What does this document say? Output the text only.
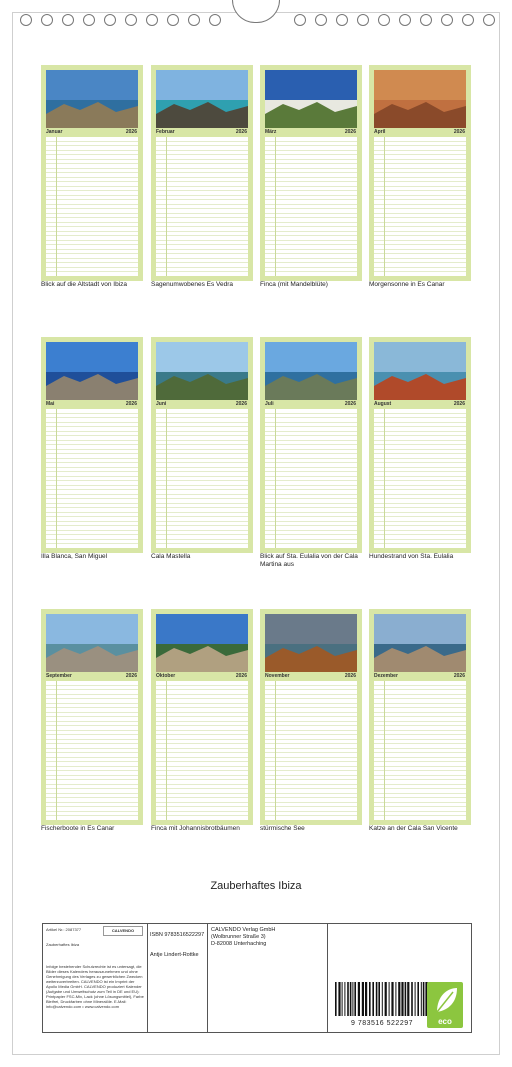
Januar	2026
Blick auf die Altstadt von Ibiza
Februar	2026
Sagenumwobenes Es Vedra
März	2026
Finca (mit Mandelblüte)
April	2026
Morgensonne in Es Canar
Mai	2026
Illa Blanca, San Miguel
Juni	2026
Cala Mastella
Juli	2026
Blick auf Sta. Eulalia von der Cala Martina aus
August	2026
Hundestrand von Sta. Eulalia
September	2026
Fischerboote in Es Canar
Oktober	2026
Finca mit Johannisbrotbäumen
November	2026
stürmische See
Dezember	2026
Katze an der Cala San Vicente
Zauberhaftes Ibiza
Artikel Nr.: 2087377	CALVENDO
Zauberhaftes Ibiza
Infolge bestehender Schutzrechte ist es untersagt, die Bilder dieses Kalenders herauszunehmen und ohne Genehmigung des Verlages zu gewerblichen Zwecken weiterzuverbreiten. CALVENDO ist ein Imprint der Apollo Media GmbH. CALVENDO produziert Kalender (Aufgabe und Umweltschutz zum Teil in DE und EU): Printpapier FSC-Mix, Lack (ohne Lösungsmittel), Farbe Bleifrei, Druckfarben ohne Mineralöle. E-Mail: info@calvendo.com • www.calvendo.com
ISBN 9783516522297
Antje Lindert-Rottke
CALVENDO Verlag GmbH
(Wolbrunner Straße 3)
D-82008 Unterhaching
9 783516 522297	eco
